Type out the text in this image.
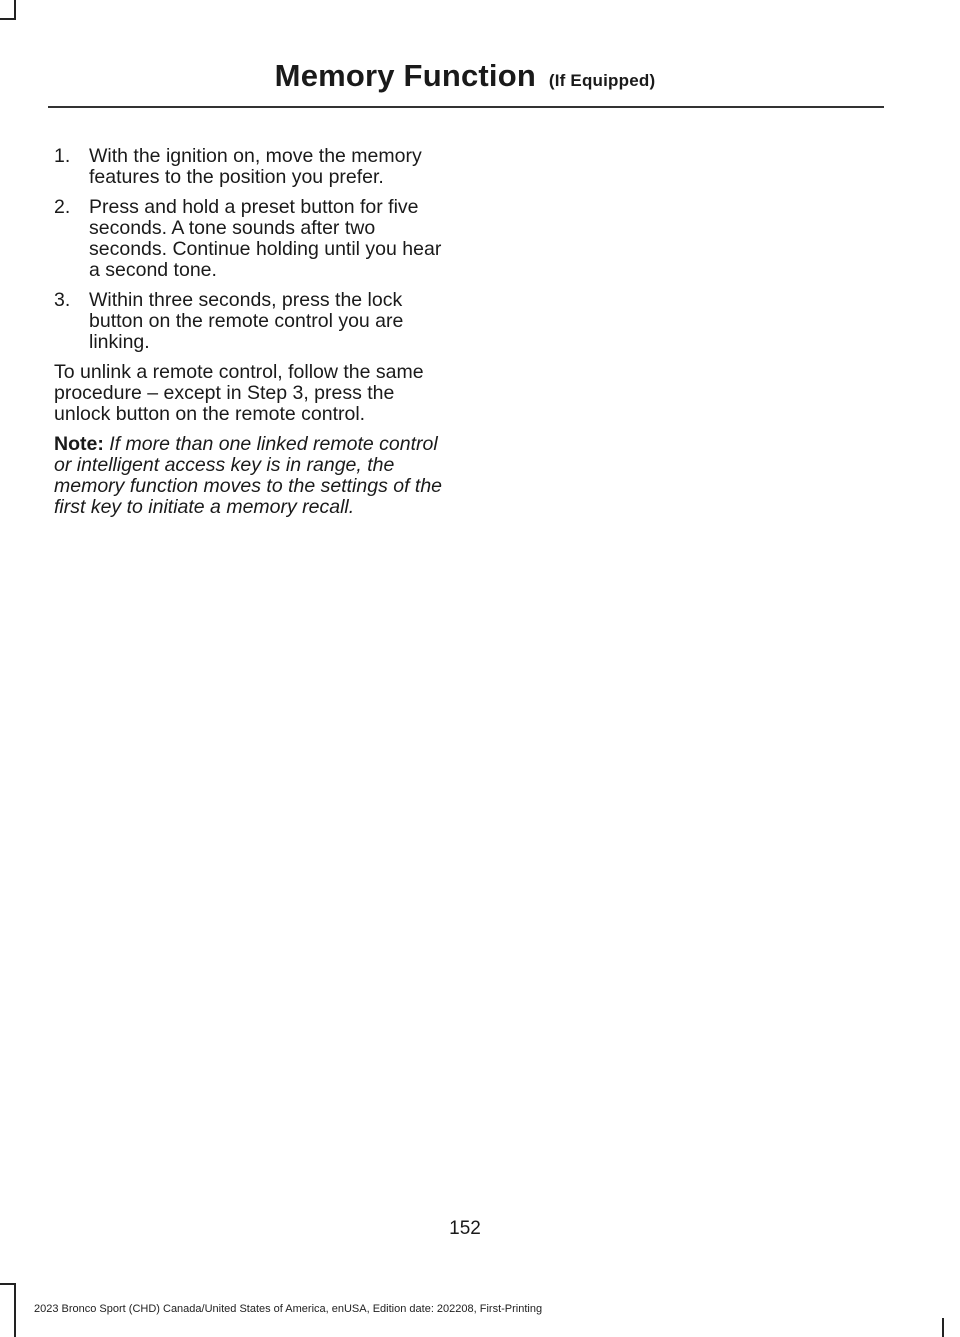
Memory Function (If Equipped)
1. With the ignition on, move the memory features to the position you prefer.
2. Press and hold a preset button for five seconds. A tone sounds after two seconds. Continue holding until you hear a second tone.
3. Within three seconds, press the lock button on the remote control you are linking.

To unlink a remote control, follow the same procedure – except in Step 3, press the unlock button on the remote control.

Note: If more than one linked remote control or intelligent access key is in range, the memory function moves to the settings of the first key to initiate a memory recall.

152
2023 Bronco Sport (CHD) Canada/United States of America, enUSA, Edition date: 202208, First-Printing
